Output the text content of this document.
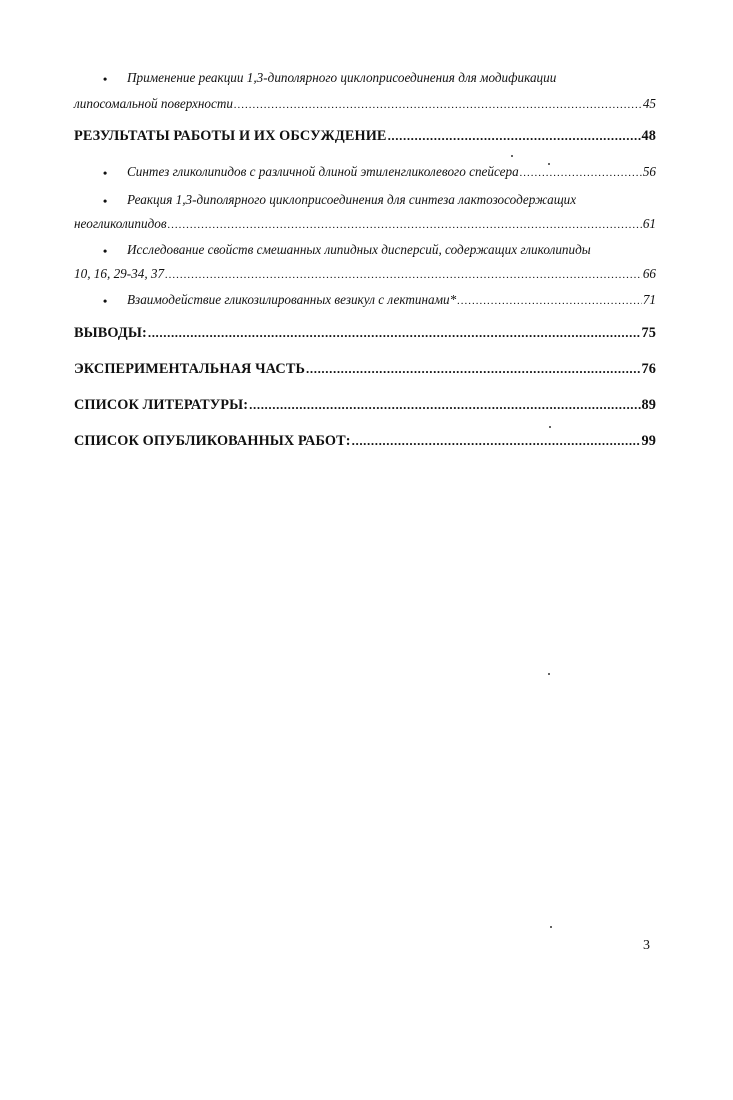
• Применение реакции 1,3-диполярного циклоприсоединения для модификации
липосомальной поверхности .....	45
РЕЗУЛЬТАТЫ РАБОТЫ И ИХ ОБСУЖДЕНИЕ .....	48
• Синтез гликолипидов с различной длиной этиленгликолевого спейсера .....	56
• Реакция 1,3-диполярного циклоприсоединения для синтеза лактозосодержащих
неогликолипидов .....	61
• Исследование свойств смешанных липидных дисперсий, содержащих гликолипиды
10, 16, 29-34, 37 .....	66
• Взаимодействие гликозилированных везикул с лектинами* .....	71
ВЫВОДЫ: .....	75
ЭКСПЕРИМЕНТАЛЬНАЯ ЧАСТЬ .....	76
СПИСОК ЛИТЕРАТУРЫ: .....	89
СПИСОК ОПУБЛИКОВАННЫХ РАБОТ: .....	99
3
